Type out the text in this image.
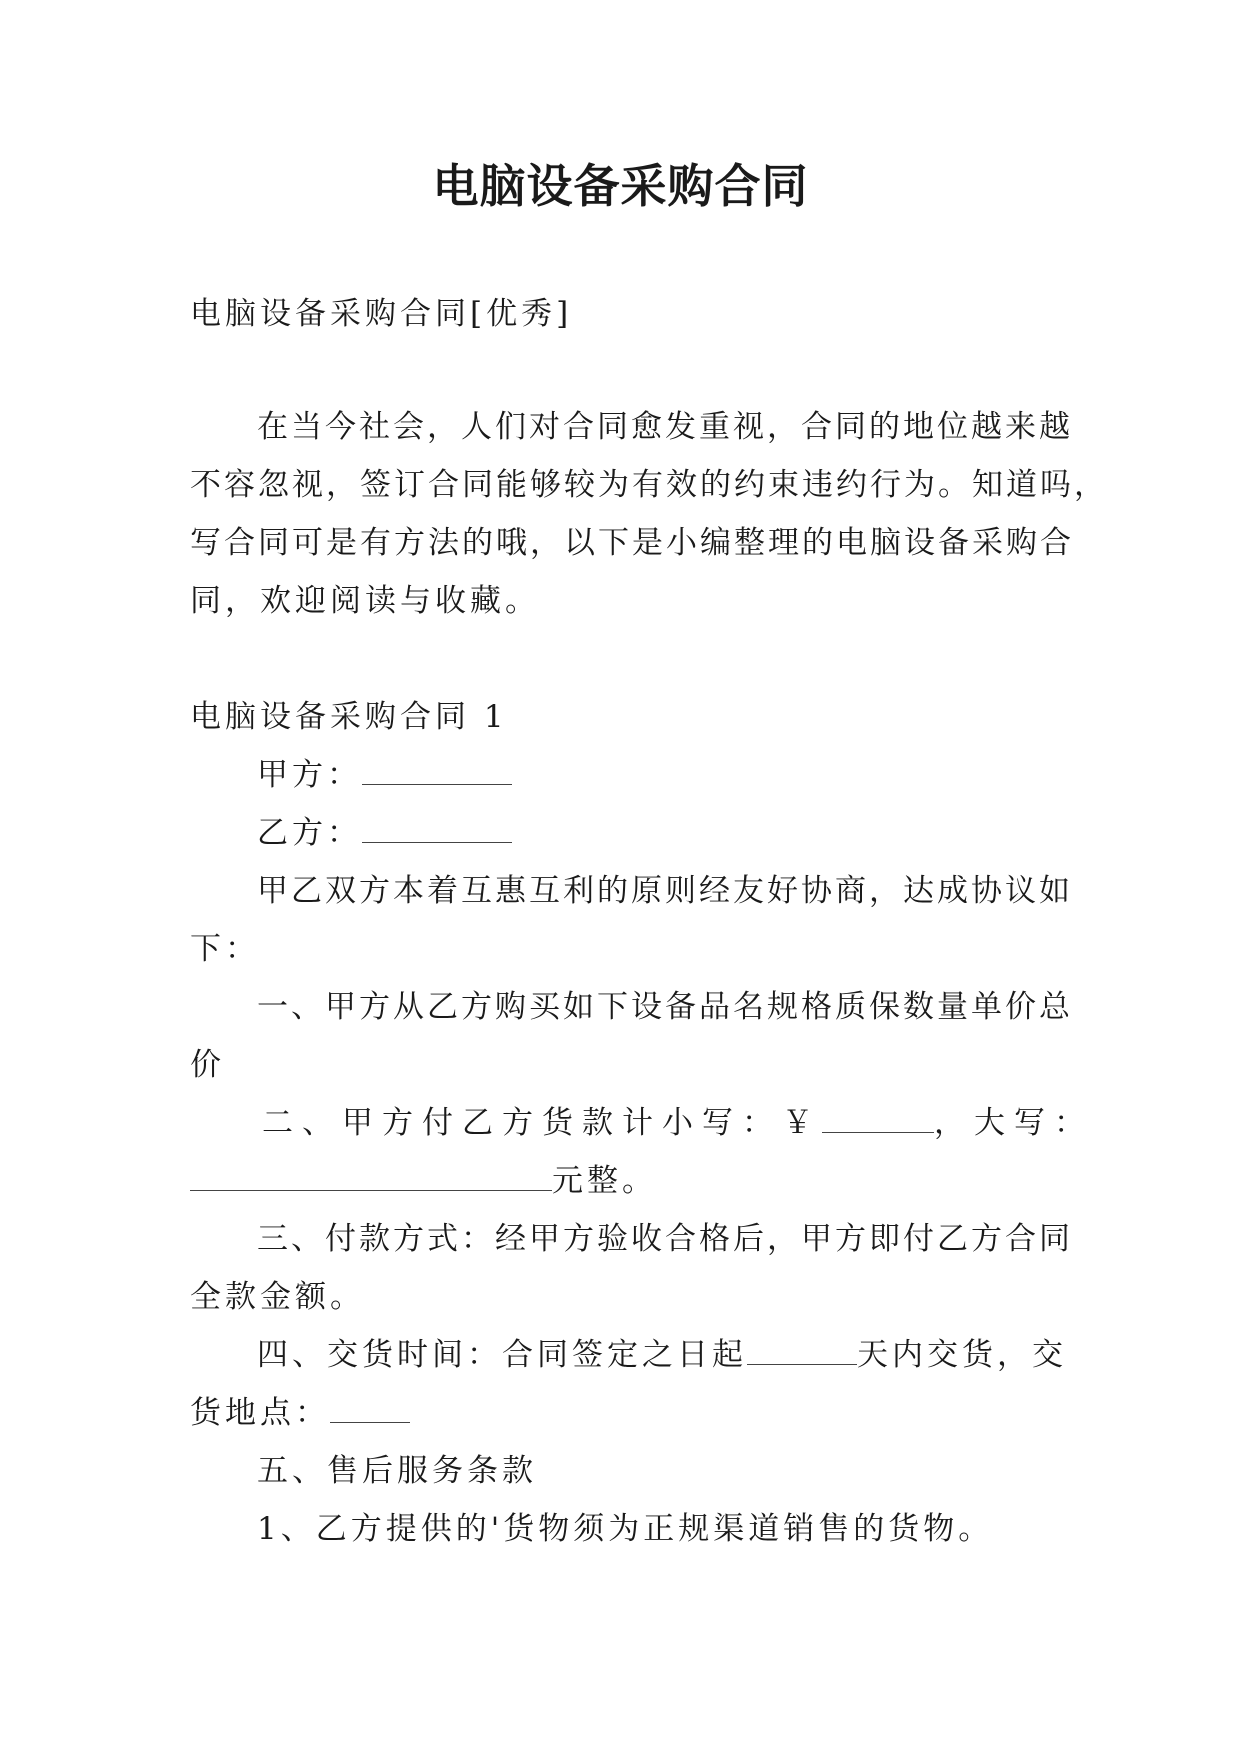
电脑设备采购合同
电脑设备采购合同[优秀]
在当今社会，人们对合同愈发重视，合同的地位越来越
不容忽视，签订合同能够较为有效的约束违约行为。知道吗，
写合同可是有方法的哦，以下是小编整理的电脑设备采购合
同，欢迎阅读与收藏。
电脑设备采购合同 1
甲方：
乙方：
甲乙双方本着互惠互利的原则经友好协商，达成协议如
下：
一、甲方从乙方购买如下设备品名规格质保数量单价总
价
二、甲方付乙方货款计小写：￥	，大写：
元整。
三、付款方式：经甲方验收合格后，甲方即付乙方合同
全款金额。
四、交货时间：合同签定之日起	天内交货，交
货地点：
五、售后服务条款
1、乙方提供的'货物须为正规渠道销售的货物。
